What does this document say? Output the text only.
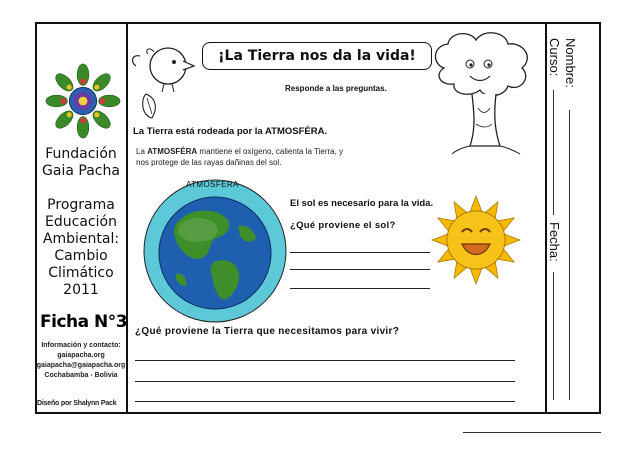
Fundación
Gaia Pacha
Programa
Educación
Ambiental:
Cambio
Climático
2011
Ficha N°3
Información y contacto:
gaiapacha.org
gaiapacha@gaiapacha.org
Cochabamba - Bolivia
Diseño por Shalynn Pack
¡La Tierra nos da la vida!
Responde a las preguntas.
La Tierra está rodeada por la ATMOSFÉRA.
La ATMOSFÉRA mantiene el oxígeno, calienta la Tierra, y nos protege de las rayas dañinas del sol.
ATMOSFERA
El sol es necesario para la vida.
¿Qué proviene el sol?
¿Qué proviene la Tierra que necesitamos para vivir?
Nombre:
Curso:
Fecha:
